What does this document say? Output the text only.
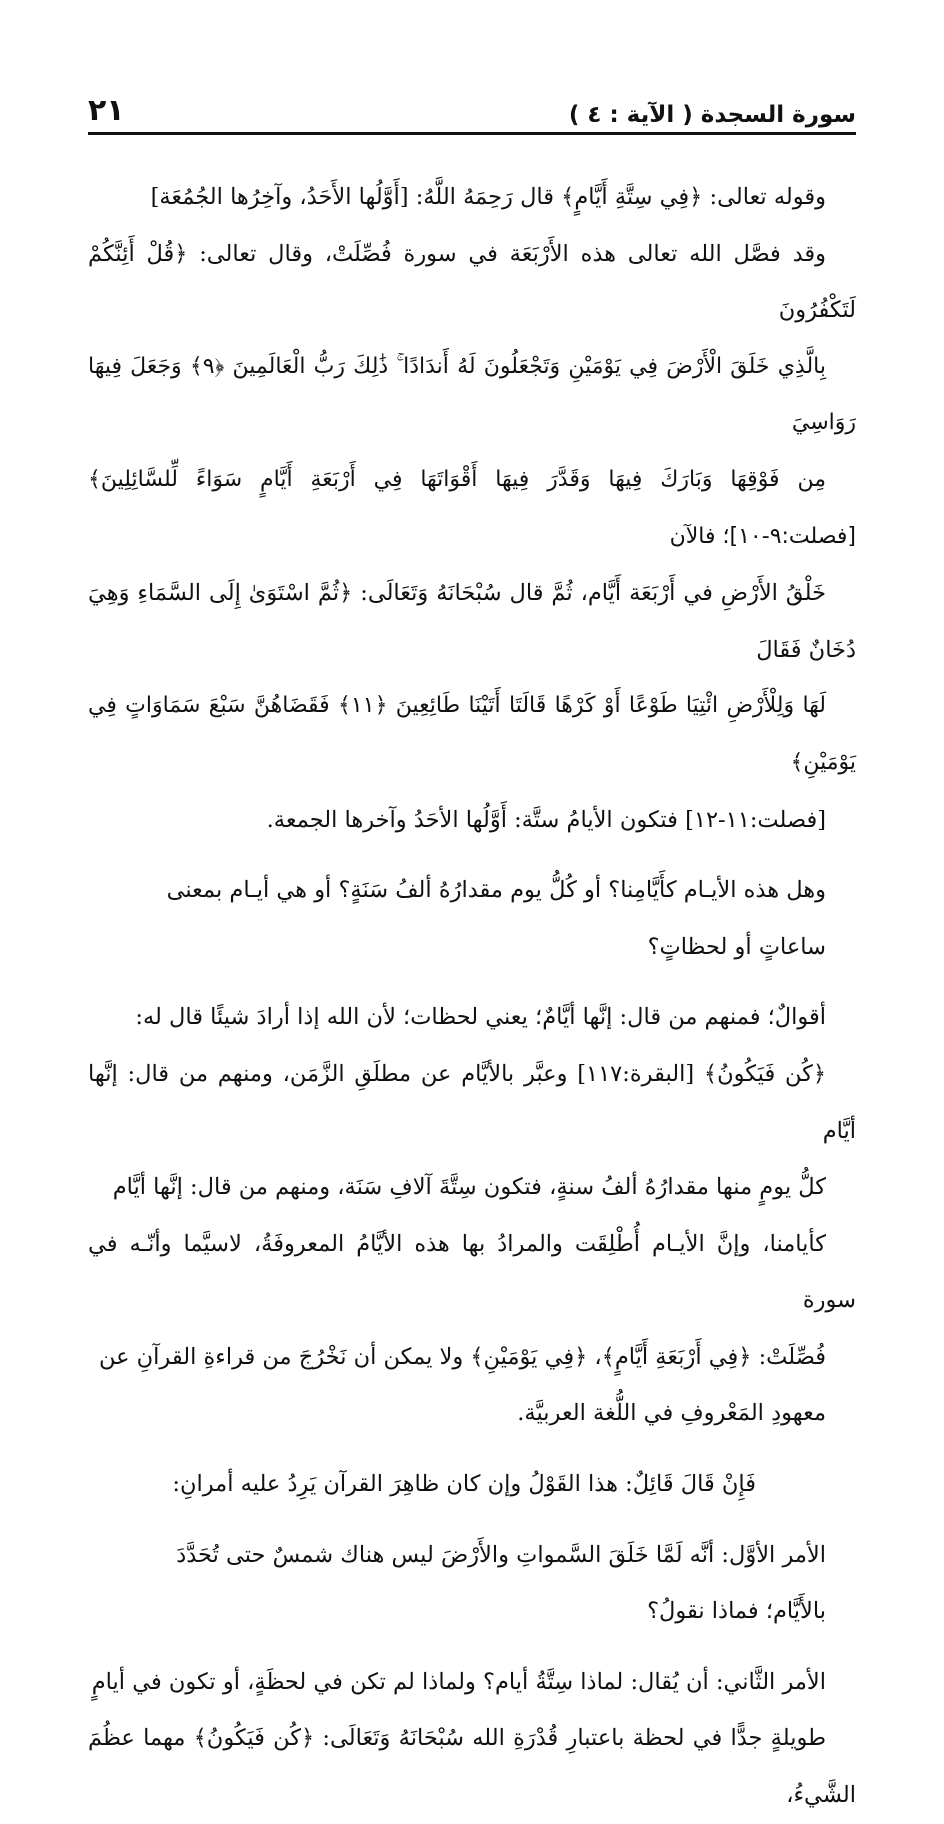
سورة السجدة ( الآية : ٤ )
٢١

وقوله تعالى: ﴿فِي سِتَّةِ أَيَّامٍ﴾ قال رَحِمَهُ اللَّهُ: [أَوَّلُها الأَحَدُ، وآخِرُها الجُمُعَة]
وقد فصَّل الله تعالى هذه الأَرْبَعَة في سورة فُصِّلَتْ، وقال تعالى: ﴿قُلْ أَئِنَّكُمْ لَتَكْفُرُونَ
بِالَّذِي خَلَقَ الْأَرْضَ فِي يَوْمَيْنِ وَتَجْعَلُونَ لَهُ أَندَادًا ۚ ذَٰلِكَ رَبُّ الْعَالَمِينَ ﴿٩﴾ وَجَعَلَ فِيهَا رَوَاسِيَ
مِن فَوْقِهَا وَبَارَكَ فِيهَا وَقَدَّرَ فِيهَا أَقْوَاتَهَا فِي أَرْبَعَةِ أَيَّامٍ سَوَاءً لِّلسَّائِلِينَ﴾ [فصلت:٩-١٠]؛ فالآن
خَلْقُ الأَرْضِ في أَرْبَعَة أَيَّام، ثُمَّ قال سُبْحَانَهُ وَتَعَالَى: ﴿ثُمَّ اسْتَوَىٰ إِلَى السَّمَاءِ وَهِيَ دُخَانٌ فَقَالَ
لَهَا وَلِلْأَرْضِ ائْتِيَا طَوْعًا أَوْ كَرْهًا قَالَتَا أَتَيْنَا طَائِعِينَ ﴿١١﴾ فَقَضَاهُنَّ سَبْعَ سَمَاوَاتٍ فِي يَوْمَيْنِ﴾
[فصلت:١١-١٢] فتكون الأيامُ ستَّة: أَوَّلُها الأحَدُ وآخرها الجمعة.

وهل هذه الأيـام كأَيَّامِنا؟ أو كُلُّ يوم مقدارُهُ ألفُ سَنَةٍ؟ أو هي أيـام بمعنى
ساعاتٍ أو لحظاتٍ؟

أقوالٌ؛ فمنهم من قال: إنَّها أيَّامٌ؛ يعني لحظات؛ لأن الله إذا أرادَ شيئًا قال له:
﴿كُن فَيَكُونُ﴾ [البقرة:١١٧] وعبَّر بالأيَّام عن مطلَقِ الزَّمَن، ومنهم من قال: إنَّها أيَّام
كلُّ يومٍ منها مقدارُهُ ألفُ سنةٍ، فتكون سِتَّةَ آلافِ سَنَة، ومنهم من قال: إنَّها أيَّام
كأيامنا، وإنَّ الأيـام أُطْلِقَت والمرادُ بها هذه الأيَّامُ المعروفَةُ، لاسيَّما وأنّـه في سورة
فُصِّلَتْ: ﴿فِي أَرْبَعَةِ أَيَّامٍ﴾، ﴿فِي يَوْمَيْنِ﴾ ولا يمكن أن نَخْرُجَ من قراءةِ القرآنِ عن
معهودِ المَعْروفِ في اللُّغة العربيَّة.

فَإِنْ قَالَ قَائِلٌ: هذا القَوْلُ وإن كان ظاهِرَ القرآن يَرِدُ عليه أمرانِ:

الأمر الأوَّل: أنَّه لَمَّا خَلَقَ السَّمواتِ والأَرْضَ ليس هناك شمسٌ حتى تُحَدَّدَ
بالأَيَّام؛ فماذا نقولُ؟

الأمر الثَّاني: أن يُقال: لماذا سِتَّةُ أيام؟ ولماذا لم تكن في لحظَةٍ، أو تكون في أيامٍ
طويلةٍ جدًّا في لحظة باعتبارِ قُدْرَةِ الله سُبْحَانَهُ وَتَعَالَى: ﴿كُن فَيَكُونُ﴾ مهما عظُمَ الشَّيءُ،
